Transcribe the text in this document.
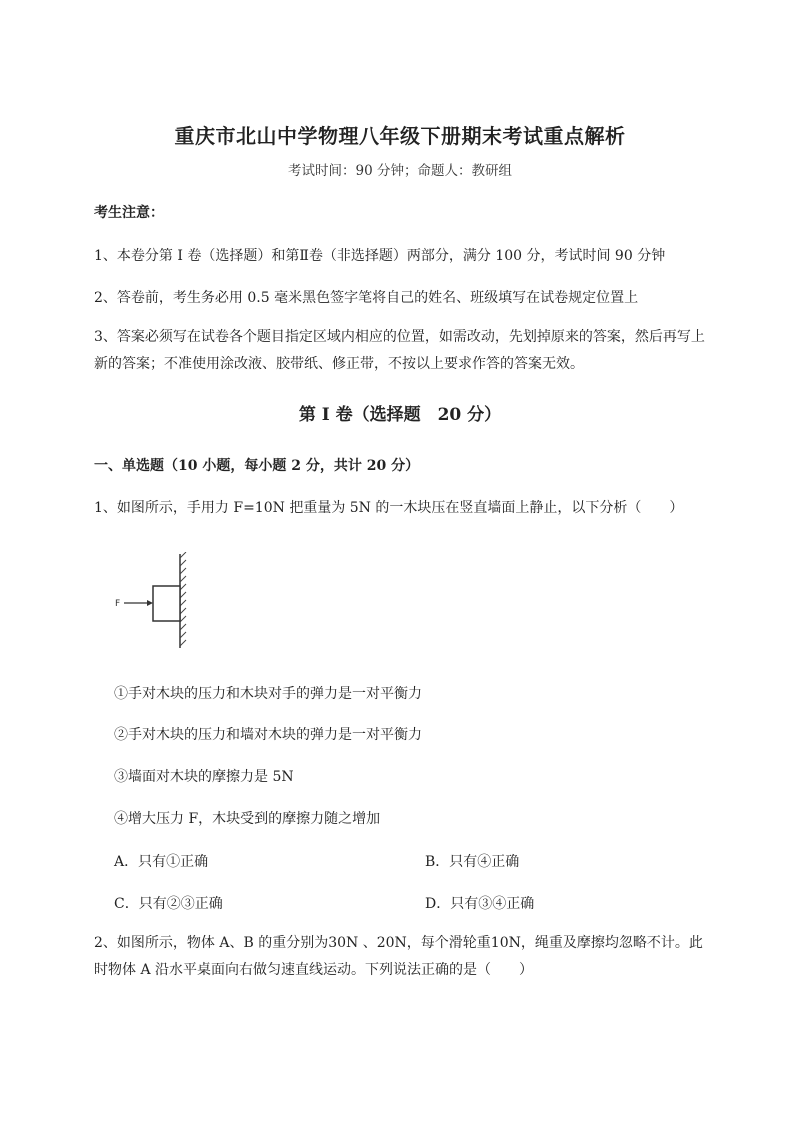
重庆市北山中学物理八年级下册期末考试重点解析
考试时间：90 分钟；命题人：教研组
考生注意：
1、本卷分第 I 卷（选择题）和第Ⅱ卷（非选择题）两部分，满分 100 分，考试时间 90 分钟
2、答卷前，考生务必用 0.5 毫米黑色签字笔将自己的姓名、班级填写在试卷规定位置上
3、答案必须写在试卷各个题目指定区域内相应的位置，如需改动，先划掉原来的答案，然后再写上新的答案；不准使用涂改液、胶带纸、修正带，不按以上要求作答的答案无效。
第 I 卷（选择题　20 分）
一、单选题（10 小题，每小题 2 分，共计 20 分）
1、如图所示，手用力 F=10N 把重量为 5N 的一木块压在竖直墙面上静止，以下分析（　　）
F
①手对木块的压力和木块对手的弹力是一对平衡力
②手对木块的压力和墙对木块的弹力是一对平衡力
③墙面对木块的摩擦力是 5N
④增大压力 F，木块受到的摩擦力随之增加
A．只有①正确	B．只有④正确
C．只有②③正确	D．只有③④正确
2、如图所示，物体 A、B 的重分别为30N 、20N，每个滑轮重10N，绳重及摩擦均忽略不计。此时物体 A 沿水平桌面向右做匀速直线运动。下列说法正确的是（　　）
